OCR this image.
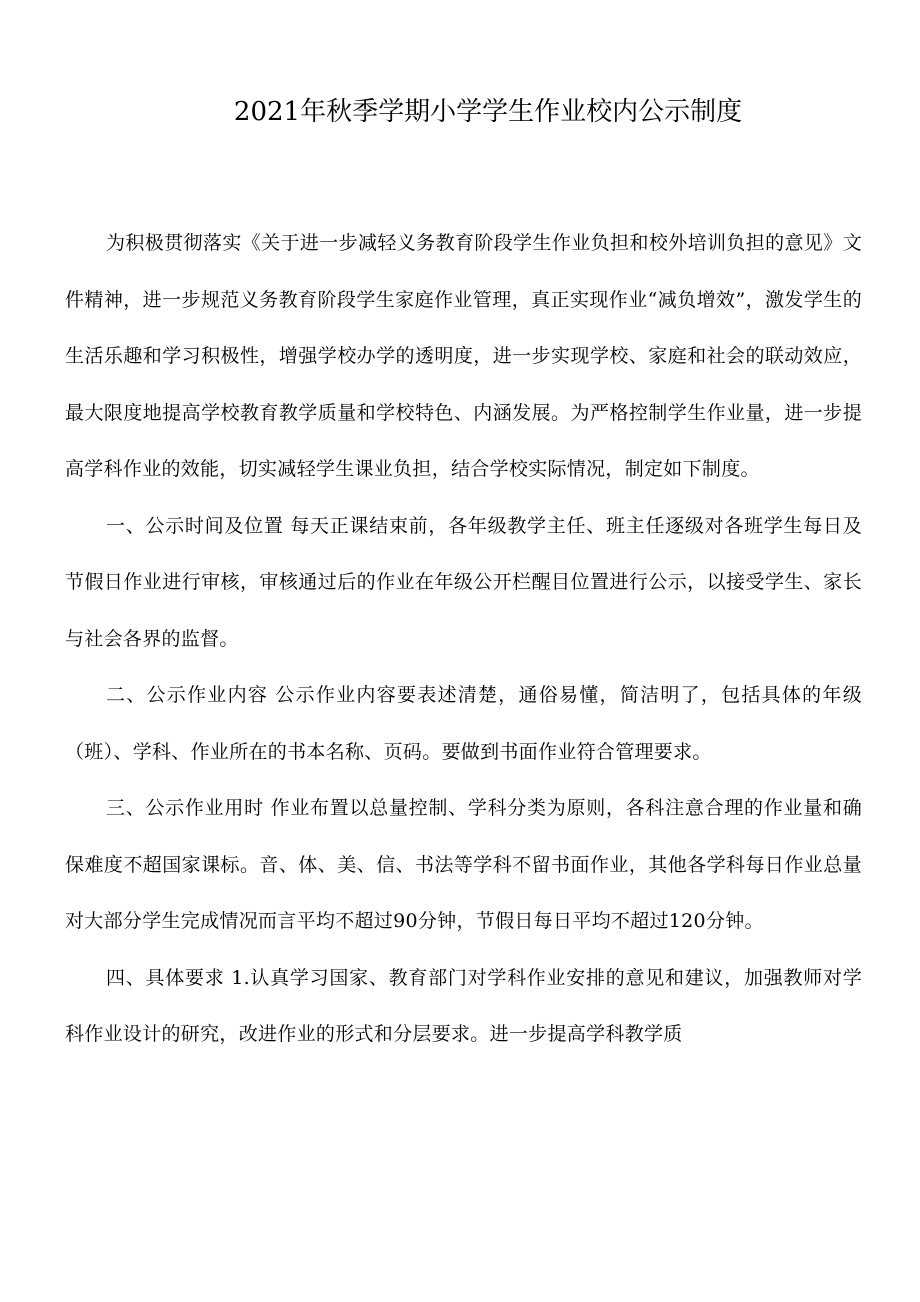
2021年秋季学期小学学生作业校内公示制度

为积极贯彻落实《关于进一步减轻义务教育阶段学生作业负担和校外培训负担的意见》文件精神，进一步规范义务教育阶段学生家庭作业管理，真正实现作业“减负增效”，激发学生的生活乐趣和学习积极性，增强学校办学的透明度，进一步实现学校、家庭和社会的联动效应，最大限度地提高学校教育教学质量和学校特色、内涵发展。为严格控制学生作业量，进一步提高学科作业的效能，切实减轻学生课业负担，结合学校实际情况，制定如下制度。

一、公示时间及位置 每天正课结束前，各年级教学主任、班主任逐级对各班学生每日及节假日作业进行审核，审核通过后的作业在年级公开栏醒目位置进行公示，以接受学生、家长与社会各界的监督。

二、公示作业内容 公示作业内容要表述清楚，通俗易懂，简洁明了，包括具体的年级（班）、学科、作业所在的书本名称、页码。要做到书面作业符合管理要求。

三、公示作业用时 作业布置以总量控制、学科分类为原则，各科注意合理的作业量和确保难度不超国家课标。音、体、美、信、书法等学科不留书面作业，其他各学科每日作业总量对大部分学生完成情况而言平均不超过90分钟，节假日每日平均不超过120分钟。

四、具体要求 1.认真学习国家、教育部门对学科作业安排的意见和建议，加强教师对学科作业设计的研究，改进作业的形式和分层要求。进一步提高学科教学质
